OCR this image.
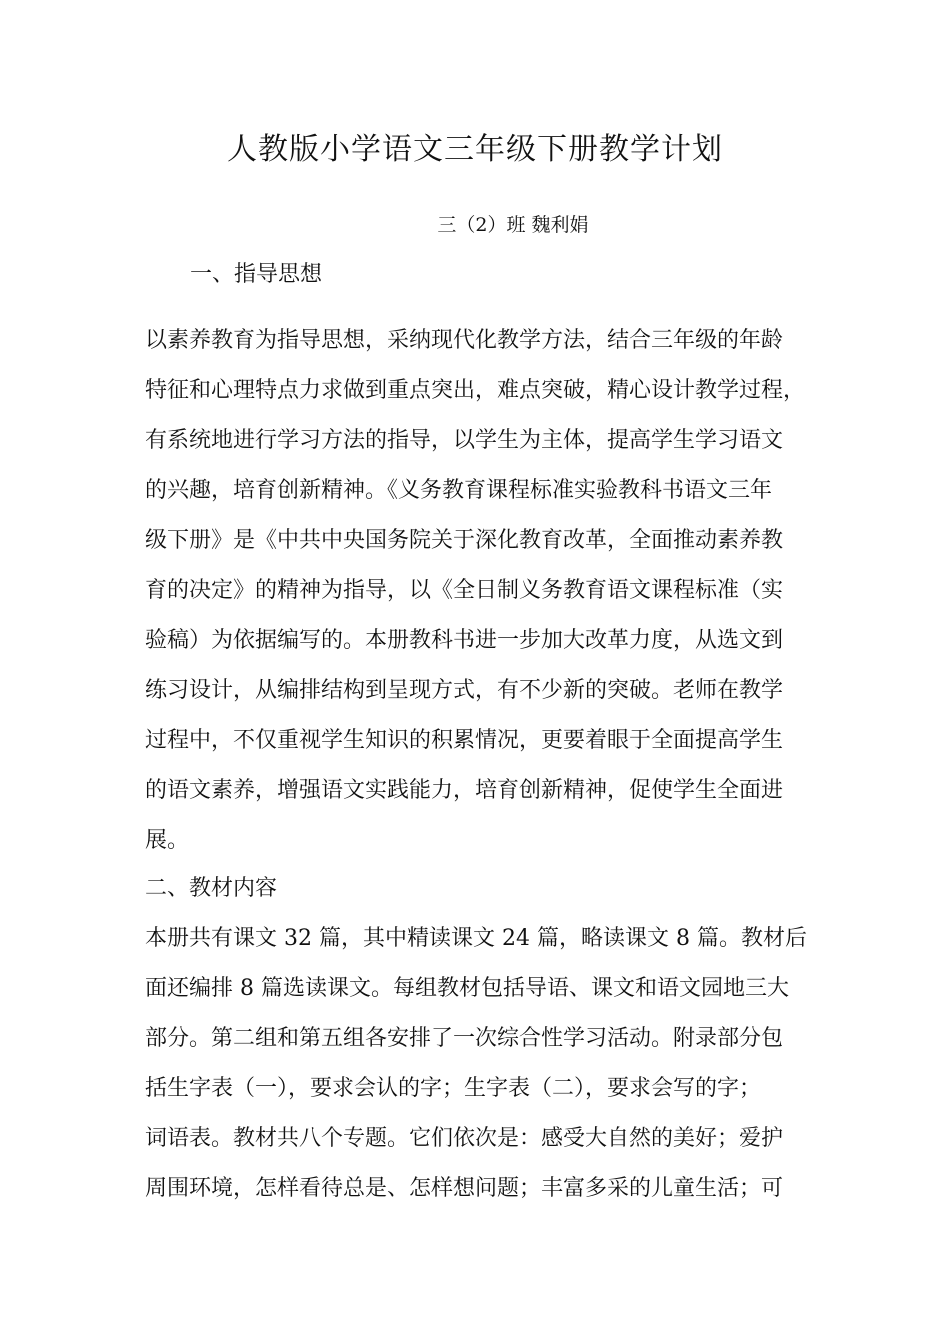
人教版小学语文三年级下册教学计划
三（2）班 魏利娟
一、指导思想
以素养教育为指导思想，采纳现代化教学方法，结合三年级的年龄
特征和心理特点力求做到重点突出，难点突破，精心设计教学过程，
有系统地进行学习方法的指导，以学生为主体，提高学生学习语文
的兴趣，培育创新精神。《义务教育课程标准实验教科书语文三年
级下册》是《中共中央国务院关于深化教育改革，全面推动素养教
育的决定》的精神为指导，以《全日制义务教育语文课程标准（实
验稿）为依据编写的。本册教科书进一步加大改革力度，从选文到
练习设计，从编排结构到呈现方式，有不少新的突破。老师在教学
过程中，不仅重视学生知识的积累情况，更要着眼于全面提高学生
的语文素养，增强语文实践能力，培育创新精神，促使学生全面进
展。
二、教材内容
本册共有课文 32 篇，其中精读课文 24 篇，略读课文 8 篇。教材后
面还编排 8 篇选读课文。每组教材包括导语、课文和语文园地三大
部分。第二组和第五组各安排了一次综合性学习活动。附录部分包
括生字表（一），要求会认的字；生字表（二），要求会写的字；
词语表。教材共八个专题。它们依次是：感受大自然的美好；爱护
周围环境，怎样看待总是、怎样想问题；丰富多采的儿童生活；可
